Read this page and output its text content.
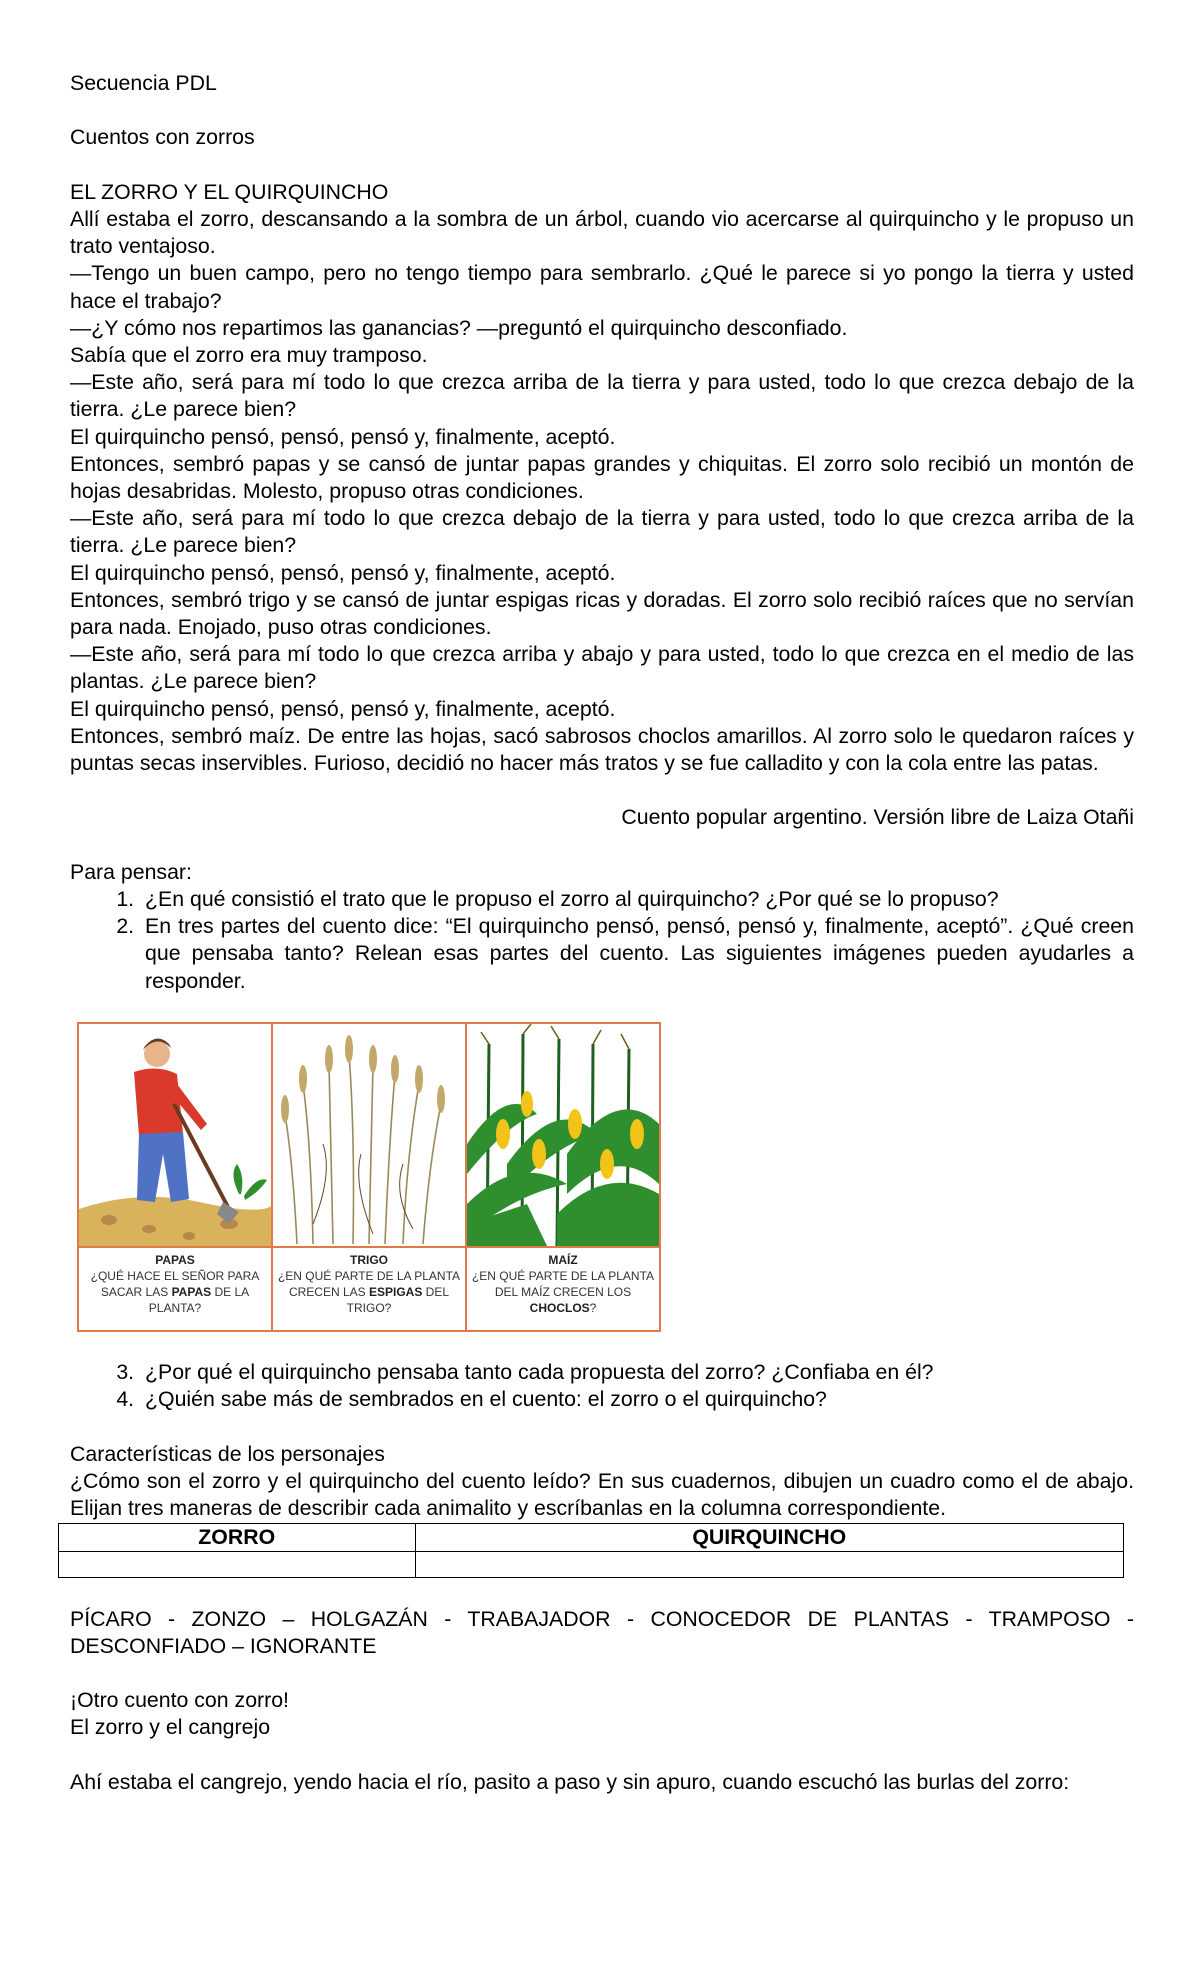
Secuencia PDL

Cuentos con zorros

EL ZORRO Y EL QUIRQUINCHO

Allí estaba el zorro, descansando a la sombra de un árbol, cuando vio acercarse al quirquincho y le propuso un trato ventajoso.

—Tengo un buen campo, pero no tengo tiempo para sembrarlo. ¿Qué le parece si yo pongo la tierra y usted hace el trabajo?

—¿Y cómo nos repartimos las ganancias? —preguntó el quirquincho desconfiado.

Sabía que el zorro era muy tramposo.

—Este año, será para mí todo lo que crezca arriba de la tierra y para usted, todo lo que crezca debajo de la tierra. ¿Le parece bien?

El quirquincho pensó, pensó, pensó y, finalmente, aceptó.

Entonces, sembró papas y se cansó de juntar papas grandes y chiquitas. El zorro solo recibió un montón de hojas desabridas. Molesto, propuso otras condiciones.

—Este año, será para mí todo lo que crezca debajo de la tierra y para usted, todo lo que crezca arriba de la tierra. ¿Le parece bien?

El quirquincho pensó, pensó, pensó y, finalmente, aceptó.

Entonces, sembró trigo y se cansó de juntar espigas ricas y doradas. El zorro solo recibió raíces que no servían para nada. Enojado, puso otras condiciones.

—Este año, será para mí todo lo que crezca arriba y abajo y para usted, todo lo que crezca en el medio de las plantas. ¿Le parece bien?

El quirquincho pensó, pensó, pensó y, finalmente, aceptó.

Entonces, sembró maíz. De entre las hojas, sacó sabrosos choclos amarillos. Al zorro solo le quedaron raíces y puntas secas inservibles. Furioso, decidió no hacer más tratos y se fue calladito y con la cola entre las patas.

Cuento popular argentino. Versión libre de Laiza Otañi

Para pensar:

1. ¿En qué consistió el trato que le propuso el zorro al quirquincho? ¿Por qué se lo propuso?
2. En tres partes del cuento dice: “El quirquincho pensó, pensó, pensó y, finalmente, aceptó”. ¿Qué creen que pensaba tanto? Relean esas partes del cuento. Las siguientes imágenes pueden ayudarles a responder.
PAPAS
¿QUÉ HACE EL SEÑOR PARA SACAR LAS PAPAS DE LA PLANTA?
TRIGO
¿EN QUÉ PARTE DE LA PLANTA CRECEN LAS ESPIGAS DEL TRIGO?
MAÍZ
¿EN QUÉ PARTE DE LA PLANTA DEL MAÍZ CRECEN LOS CHOCLOS?
3. ¿Por qué el quirquincho pensaba tanto cada propuesta del zorro? ¿Confiaba en él?
4. ¿Quién sabe más de sembrados en el cuento: el zorro o el quirquincho?

Características de los personajes

¿Cómo son el zorro y el quirquincho del cuento leído? En sus cuadernos, dibujen un cuadro como el de abajo. Elijan tres maneras de describir cada animalito y escríbanlas en la columna correspondiente.

ZORRO	QUIRQUINCHO

PÍCARO - ZONZO – HOLGAZÁN - TRABAJADOR - CONOCEDOR DE PLANTAS - TRAMPOSO - DESCONFIADO – IGNORANTE

¡Otro cuento con zorro!

El zorro y el cangrejo

Ahí estaba el cangrejo, yendo hacia el río, pasito a paso y sin apuro, cuando escuchó las burlas del zorro:
